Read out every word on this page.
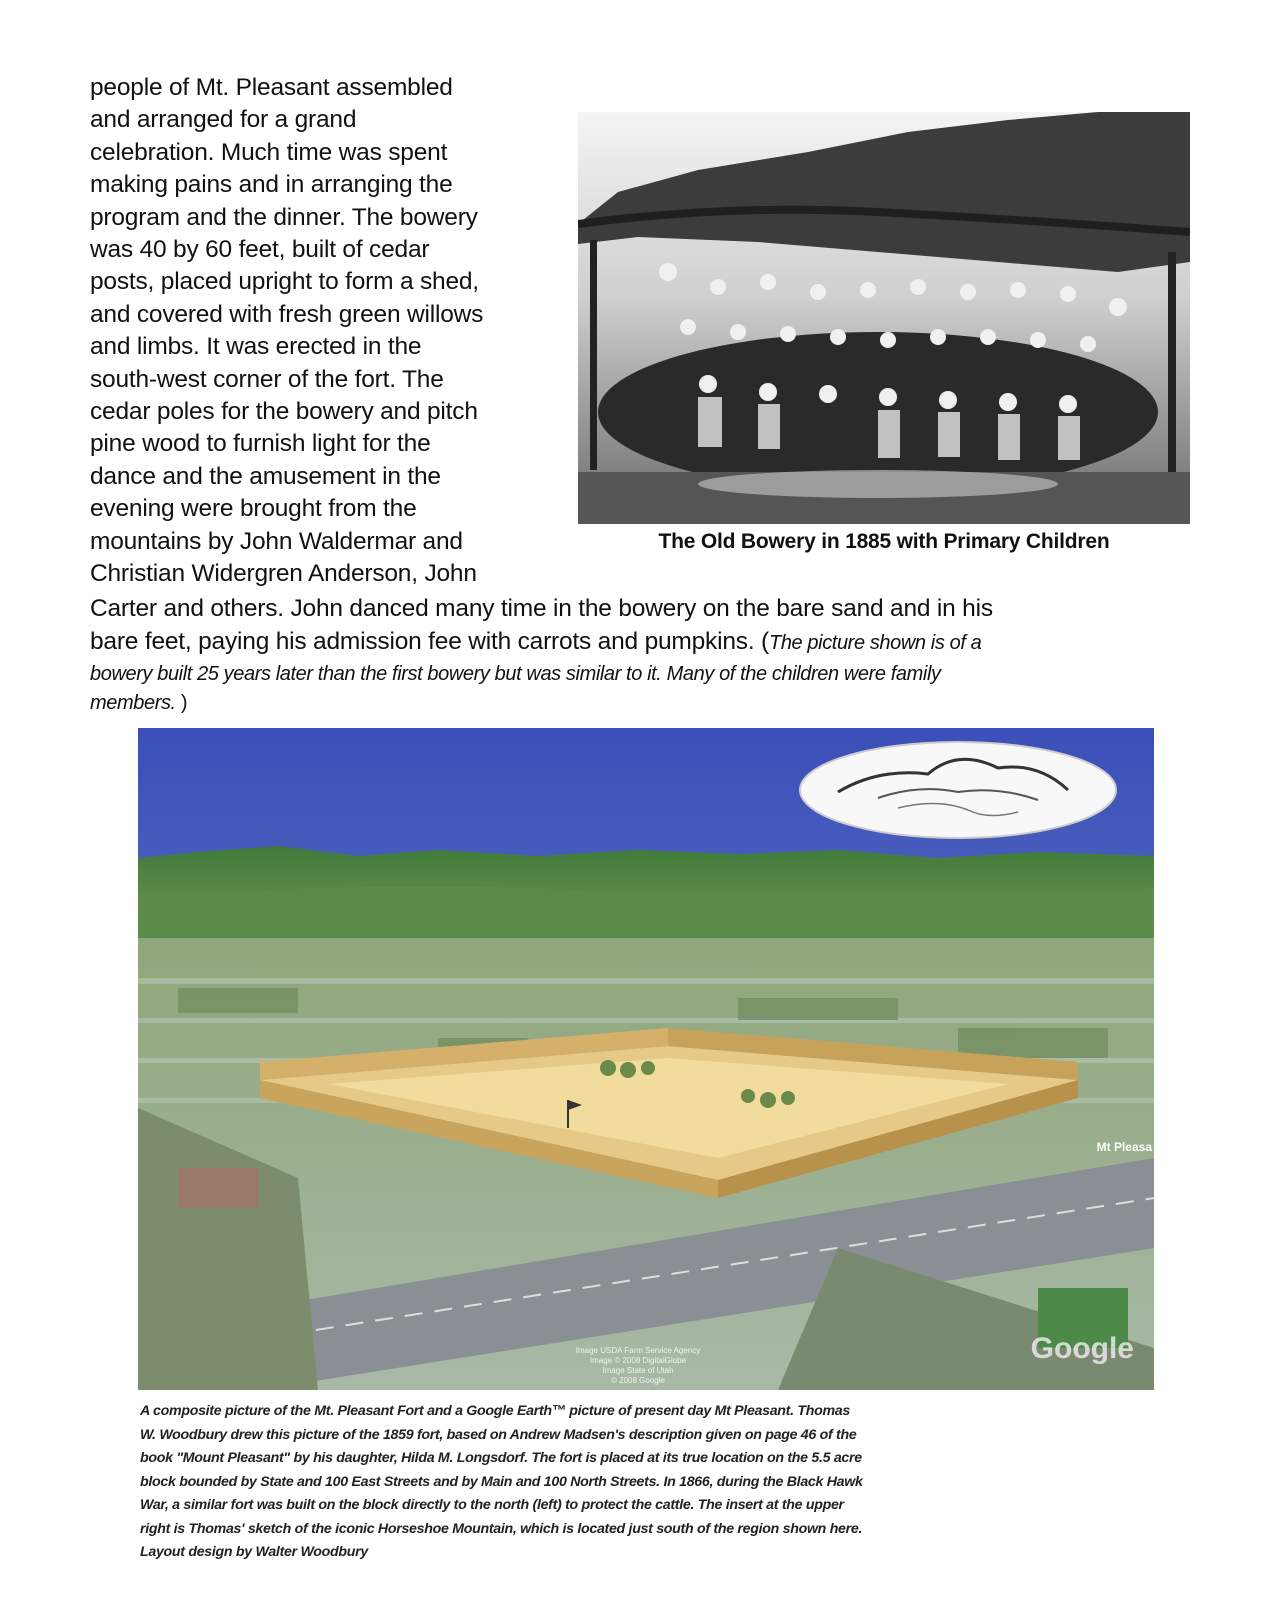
people of Mt. Pleasant assembled
and arranged for a grand
celebration. Much time was spent
making pains and in arranging the
program and the dinner. The bowery
was 40 by 60 feet, built of cedar
posts, placed upright to form a shed,
and covered with fresh green willows
and limbs. It was erected in the
south-west corner of the fort. The
cedar poles for the bowery and pitch
pine wood to furnish light for the
dance and the amusement in the
evening were brought from the
mountains by John Waldermar and
Christian Widergren Anderson, John
The Old Bowery in 1885 with Primary Children
Carter and others. John danced many time in the bowery on the bare sand and in his
bare feet, paying his admission fee with carrots and pumpkins. (The picture shown is of a
bowery built 25 years later than the first bowery but was similar to it. Many of the children were family
members. )
Mt Pleasa
Image USDA Farm Service Agency
Image © 2008 DigitalGlobe
Image State of Utah
© 2008 Google
Google
A composite picture of the Mt. Pleasant Fort and a Google Earth™ picture of present day Mt Pleasant. Thomas
W. Woodbury drew this picture of the 1859 fort, based on Andrew Madsen's description given on page 46 of the
book "Mount Pleasant" by his daughter, Hilda M. Longsdorf. The fort is placed at its true location on the 5.5 acre
block bounded by State and 100 East Streets and by Main and 100 North Streets. In 1866, during the Black Hawk
War, a similar fort was built on the block directly to the north (left) to protect the cattle. The insert at the upper
right is Thomas' sketch of the iconic Horseshoe Mountain, which is located just south of the region shown here.
Layout design by Walter Woodbury
